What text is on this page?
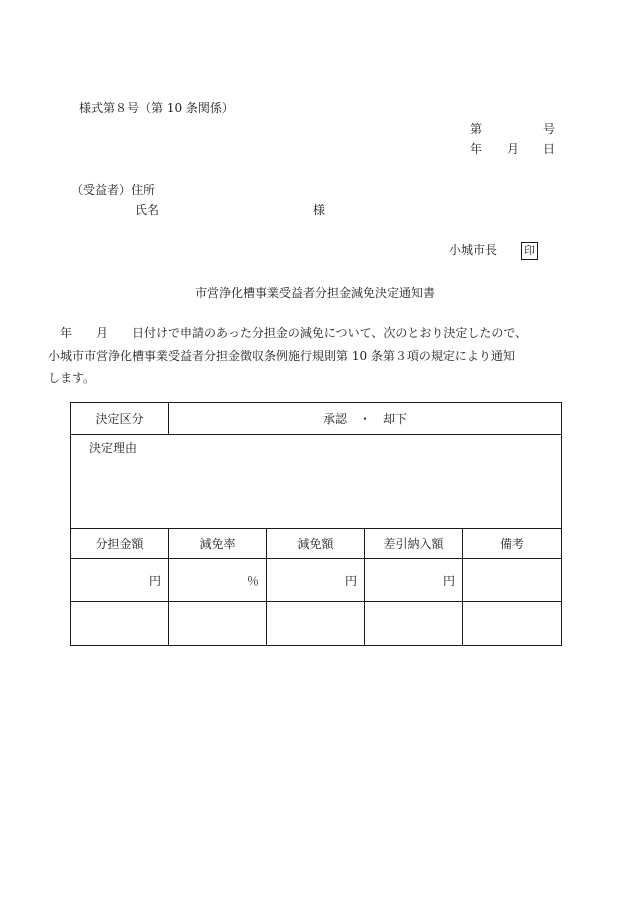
様式第８号（第 10 条関係）
第	号
年 月 日
（受益者）住所
氏名	様
小城市長 印
市営浄化槽事業受益者分担金減免決定通知書
　年　　月　　日付けで申請のあった分担金の減免について、次のとおり決定したので、
小城市市営浄化槽事業受益者分担金徴収条例施行規則第 10 条第３項の規定により通知
します。
決定区分	承認　・　却下			
決定理由				
分担金額	減免率	減免額	差引納入額	備考
円	％	円	円	
